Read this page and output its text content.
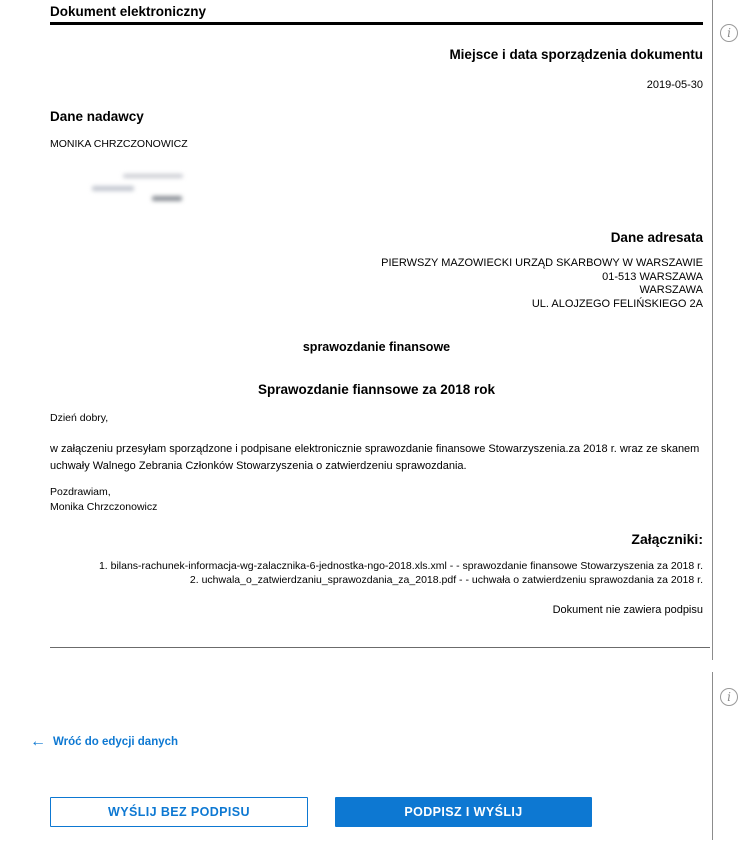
Dokument elektroniczny
Miejsce i data sporządzenia dokumentu
2019-05-30
Dane nadawcy
MONIKA CHRZCZONOWICZ
Dane adresata
PIERWSZY MAZOWIECKI URZĄD SKARBOWY W WARSZAWIE
01-513 WARSZAWA
WARSZAWA
UL. ALOJZEGO FELIŃSKIEGO 2A
sprawozdanie finansowe
Sprawozdanie fiannsowe za 2018 rok
Dzień dobry,
w załączeniu przesyłam sporządzone i podpisane elektronicznie sprawozdanie finansowe Stowarzyszenia.za 2018 r. wraz ze skanem uchwały Walnego Zebrania Członków Stowarzyszenia o zatwierdzeniu sprawozdania.
Pozdrawiam,
Monika Chrzczonowicz
Załączniki:
1. bilans-rachunek-informacja-wg-zalacznika-6-jednostka-ngo-2018.xls.xml - - sprawozdanie finansowe Stowarzyszenia za 2018 r.
2. uchwala_o_zatwierdzaniu_sprawozdania_za_2018.pdf - - uchwała o zatwierdzeniu sprawozdania za 2018 r.
Dokument nie zawiera podpisu
i
← Wróć do edycji danych
WYŚLIJ BEZ PODPISU	PODPISZ I WYŚLIJ
i
